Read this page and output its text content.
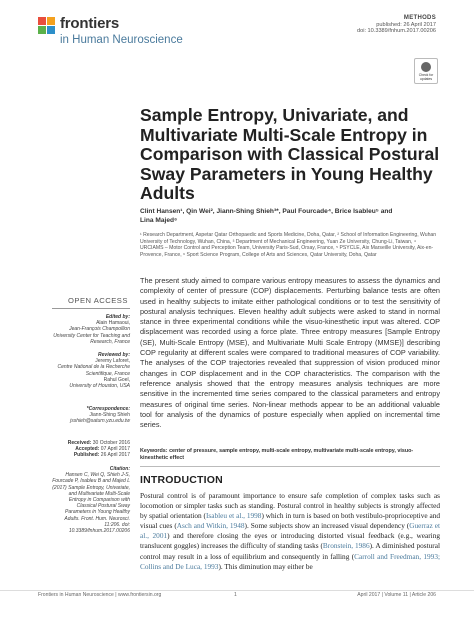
frontiers
in Human Neuroscience
METHODS
published: 26 April 2017
doi: 10.3389/fnhum.2017.00206
Check for updates
Sample Entropy, Univariate, and Multivariate Multi-Scale Entropy in Comparison with Classical Postural Sway Parameters in Young Healthy Adults
Clint Hansen¹, Qin Wei², Jiann-Shing Shieh³*, Paul Fourcade⁴, Brice Isableu⁵ and
Lina Majed⁶
¹ Research Department, Aspetar Qatar Orthopaedic and Sports Medicine, Doha, Qatar, ² School of Information Engineering, Wuhan University of Technology, Wuhan, China, ³ Department of Mechanical Engineering, Yuan Ze University, Chung-Li, Taiwan, ⁴ URCIAMS – Motor Control and Perception Team, University Paris-Sud, Orsay, France, ⁵ PSYCLE, Aix Marseille University, Aix-en-Provence, France, ⁶ Sport Science Program, College of Arts and Sciences, Qatar University, Doha, Qatar
The present study aimed to compare various entropy measures to assess the dynamics and complexity of center of pressure (COP) displacements. Perturbing balance tests are often used in healthy subjects to imitate either pathological conditions or to test the sensitivity of postural analysis techniques. Eleven healthy adult subjects were asked to stand in normal stance in three experimental conditions while the visuo-kinesthetic input was altered. COP displacement was recorded using a force plate. Three entropy measures [Sample Entropy (SE), Multi-Scale Entropy (MSE), and Multivariate Multi Scale Entropy (MMSE)] describing COP regularity at different scales were compared to traditional measures of COP variability. The analyses of the COP trajectories revealed that suppression of vision produced minor changes in COP displacement and in the COP characteristics. The comparison with the reference analysis showed that the entropy measures analysis techniques are more sensitive in the incremented time series compared to the classical parameters and entropy measures of original time series. Non-linear methods appear to be an additional valuable tool for analysis of the dynamics of posture especially when applied on incremental time series.
Keywords: center of pressure, sample entropy, multi-scale entropy, multivariate multi-scale entropy, visuo-kinesthetic effect
INTRODUCTION
Postural control is of paramount importance to ensure safe completion of complex tasks such as locomotion or simpler tasks such as standing. Postural control in healthy subjects is strongly affected by spatial orientation (Isableu et al., 1998) which in turn is based on both vestibulo-proprioceptive and visual cues (Asch and Witkin, 1948). Some subjects show an increased visual dependency (Guerraz et al., 2001) and therefore closing the eyes or introducing distorted visual feedback (e.g., wearing translucent goggles) increases the difficulty of standing tasks (Bronstein, 1986). A diminished postural control may result in a loss of equilibrium and consequently in falling (Carroll and Freedman, 1993; Collins and De Luca, 1993). This diminution may either be
OPEN ACCESS
Edited by:
Alain Hamaoui,
Jean-François Champollion University Center for Teaching and Research, France
Reviewed by:
Jeremy Laforet,
Centre National de la Recherche Scientifique, France
Rahul Goel,
University of Houston, USA
*Correspondence:
Jiann-Shing Shieh
jsshieh@saturn.yzu.edu.tw
Received: 30 October 2016
Accepted: 07 April 2017
Published: 26 April 2017
Citation:
Hansen C, Wei Q, Shieh J-S, Fourcade P, Isableu B and Majed L (2017) Sample Entropy, Univariate, and Multivariate Multi-Scale Entropy in Comparison with Classical Postural Sway Parameters in Young Healthy Adults. Front. Hum. Neurosci. 11:206. doi: 10.3389/fnhum.2017.00206
Frontiers in Human Neuroscience | www.frontiersin.org	1	April 2017 | Volume 11 | Article 206
